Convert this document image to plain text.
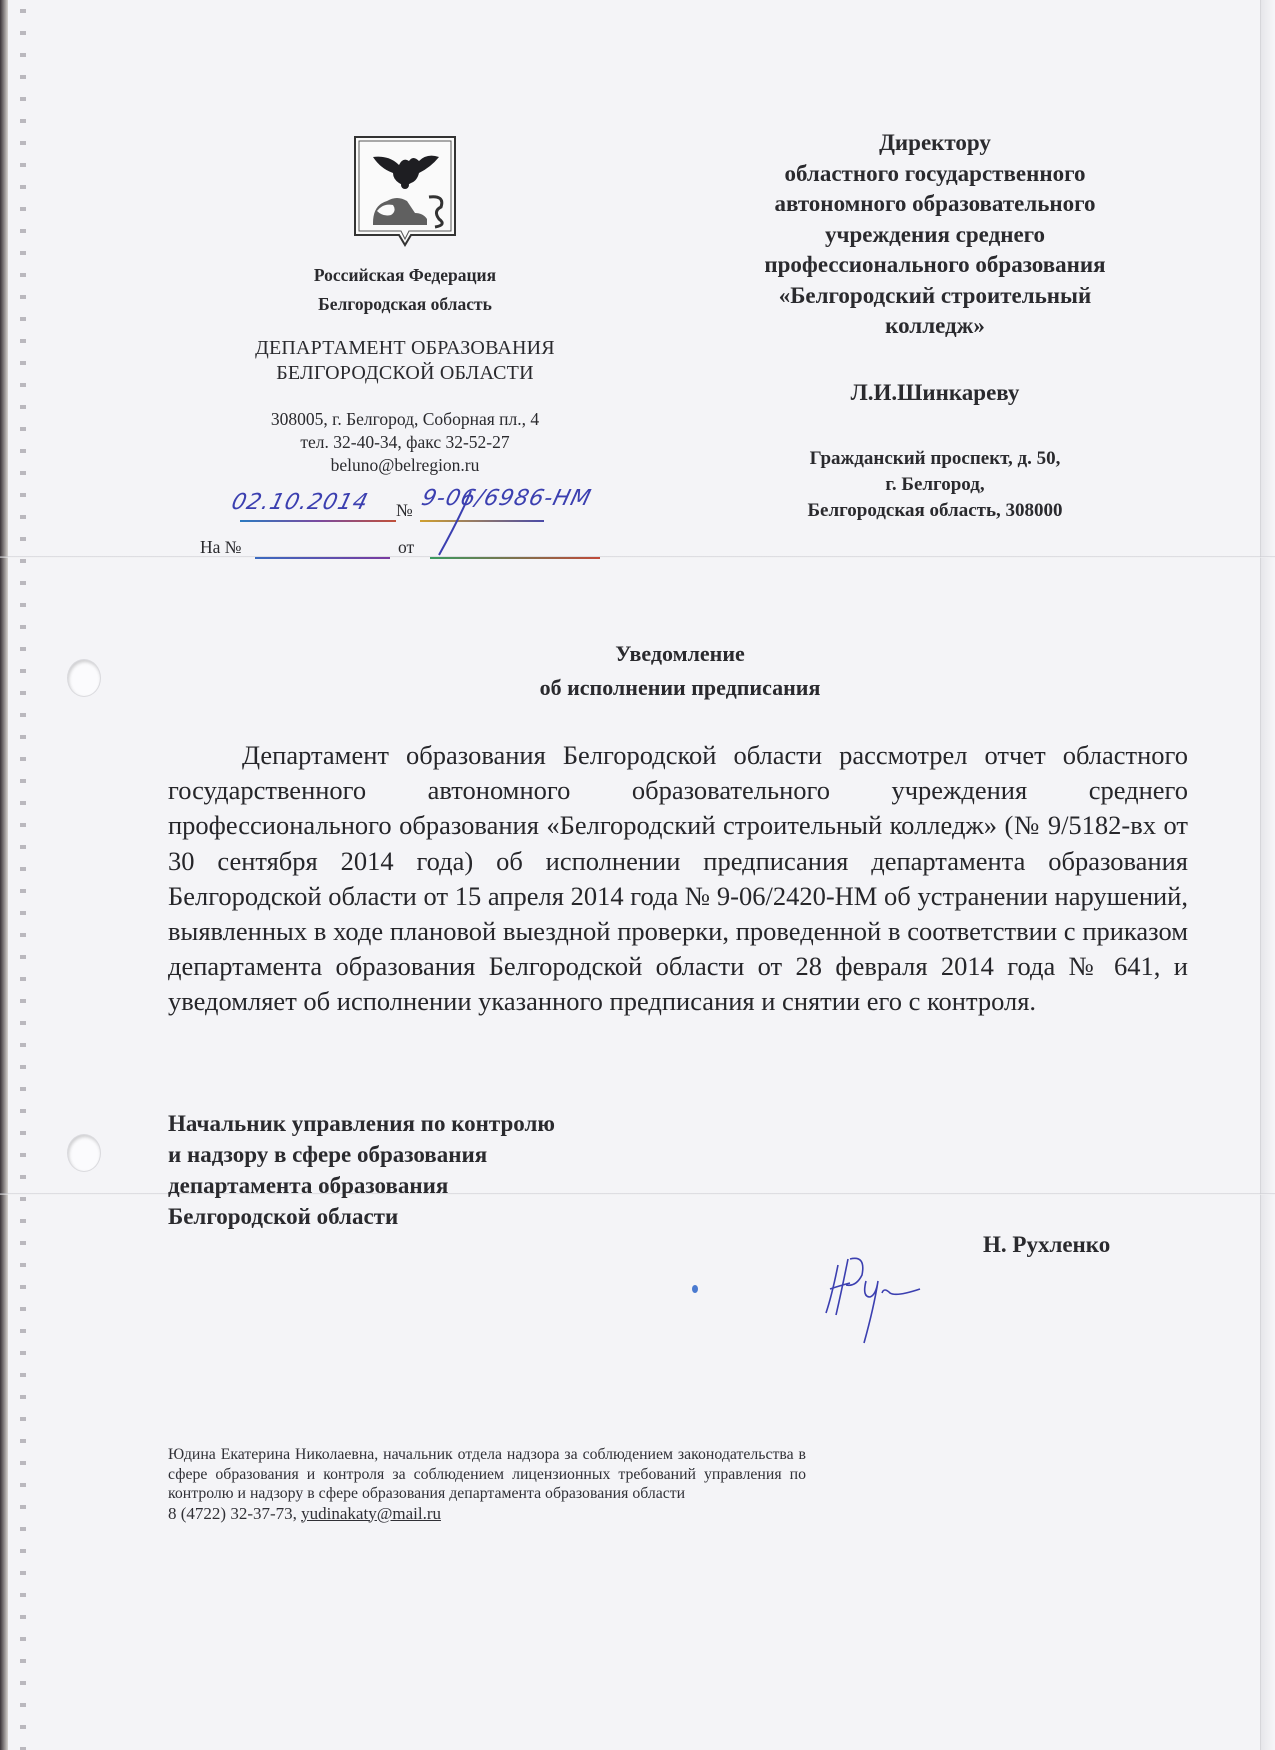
Российская Федерация
Белгородская область
ДЕПАРТАМЕНТ ОБРАЗОВАНИЯ
БЕЛГОРОДСКОЙ ОБЛАСТИ
308005, г. Белгород, Соборная пл., 4
тел. 32-40-34, факс 32-52-27
beluno@belregion.ru
02.10.2014 № 9-06/6986-НМ
На №	от
Директору
областного государственного
автономного образовательного
учреждения среднего
профессионального образования
«Белгородский строительный
колледж»
Л.И.Шинкареву
Гражданский проспект, д. 50,
г. Белгород,
Белгородская область, 308000
Уведомление
об исполнении предписания
Департамент образования Белгородской области рассмотрел отчет областного государственного автономного образовательного учреждения среднего профессионального образования «Белгородский строительный колледж» (№ 9/5182-вх от 30 сентября 2014 года) об исполнении предписания департамента образования Белгородской области от 15 апреля 2014 года № 9-06/2420-НМ об устранении нарушений, выявленных в ходе плановой выездной проверки, проведенной в соответствии с приказом департамента образования Белгородской области от 28 февраля 2014 года № 641, и уведомляет об исполнении указанного предписания и снятии его с контроля.
Начальник управления по контролю
и надзору в сфере образования
департамента образования
Белгородской области
Н. Рухленко
Юдина Екатерина Николаевна, начальник отдела надзора за соблюдением законодательства в сфере образования и контроля за соблюдением лицензионных требований управления по контролю и надзору в сфере образования департамента образования области
8 (4722) 32-37-73, yudinakaty@mail.ru
